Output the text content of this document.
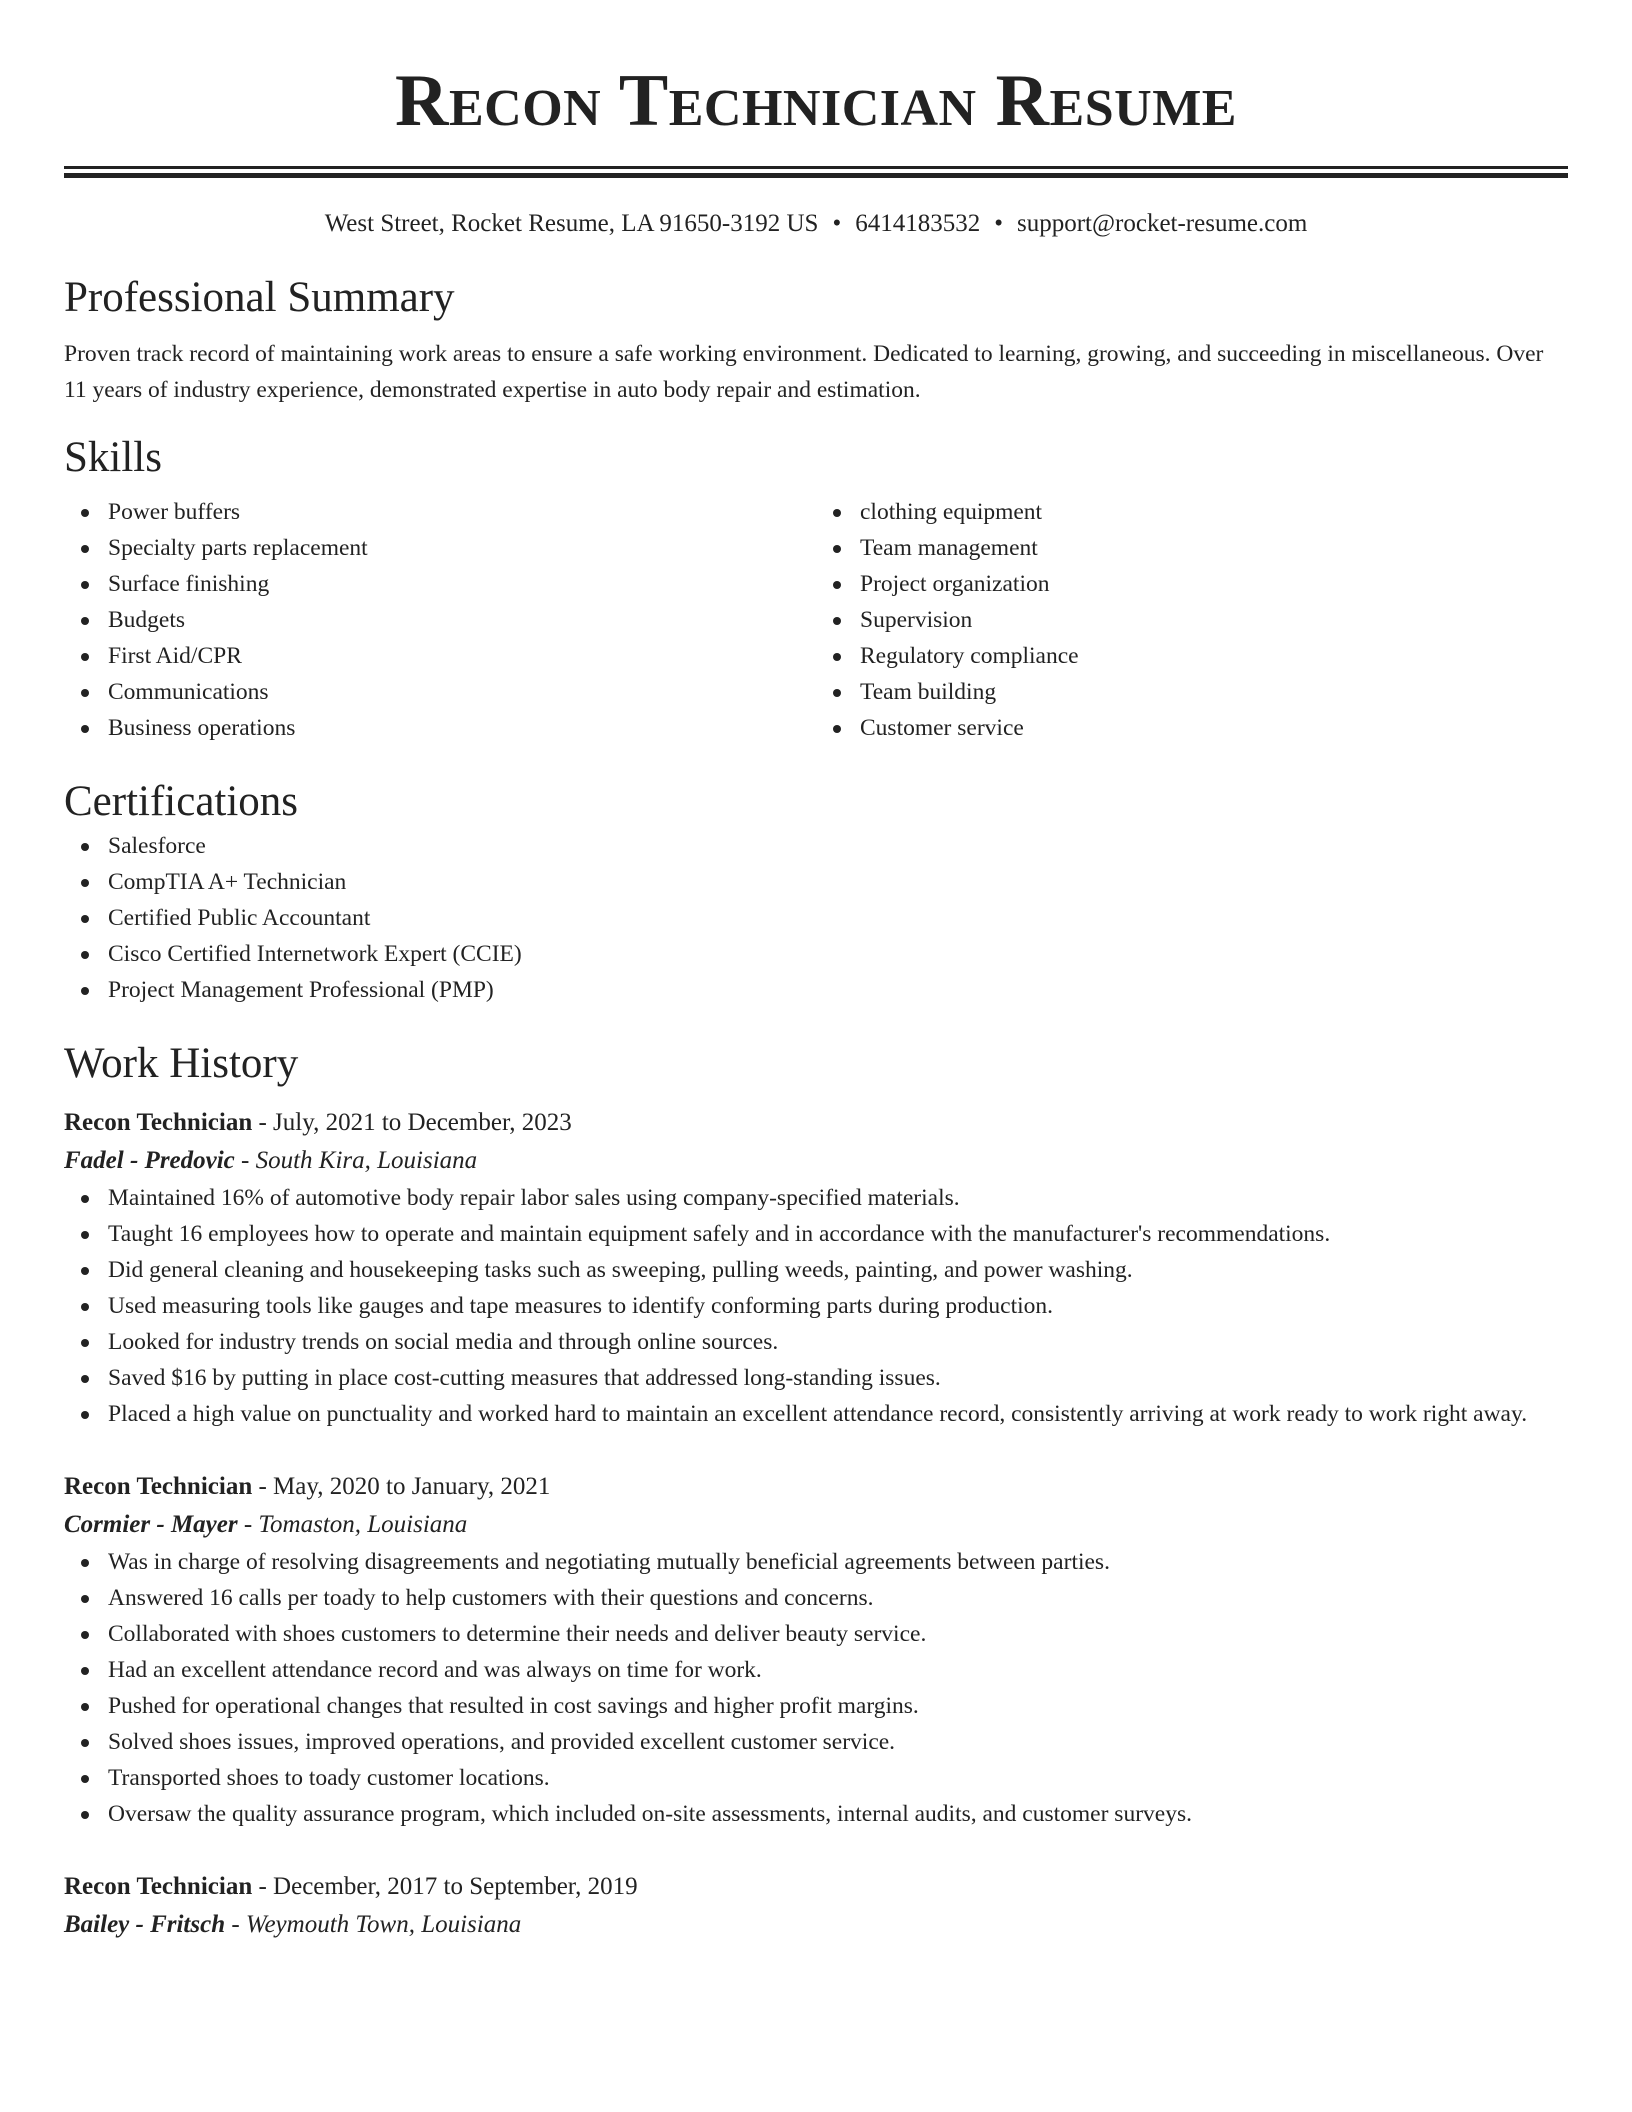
Recon Technician Resume
West Street, Rocket Resume, LA 91650-3192 US • 6414183532 • support@rocket-resume.com
Professional Summary

Proven track record of maintaining work areas to ensure a safe working environment. Dedicated to learning, growing, and succeeding in miscellaneous. Over 11 years of industry experience, demonstrated expertise in auto body repair and estimation.

Skills
Power buffers
Specialty parts replacement
Surface finishing
Budgets
First Aid/CPR
Communications
Business operations
clothing equipment
Team management
Project organization
Supervision
Regulatory compliance
Team building
Customer service
Certifications
Salesforce
CompTIA A+ Technician
Certified Public Accountant
Cisco Certified Internetwork Expert (CCIE)
Project Management Professional (PMP)
Work History
Recon Technician - July, 2021 to December, 2023
Fadel - Predovic - South Kira, Louisiana
Maintained 16% of automotive body repair labor sales using company-specified materials.
Taught 16 employees how to operate and maintain equipment safely and in accordance with the manufacturer's recommendations.
Did general cleaning and housekeeping tasks such as sweeping, pulling weeds, painting, and power washing.
Used measuring tools like gauges and tape measures to identify conforming parts during production.
Looked for industry trends on social media and through online sources.
Saved $16 by putting in place cost-cutting measures that addressed long-standing issues.
Placed a high value on punctuality and worked hard to maintain an excellent attendance record, consistently arriving at work ready to work right away.
Recon Technician - May, 2020 to January, 2021
Cormier - Mayer - Tomaston, Louisiana
Was in charge of resolving disagreements and negotiating mutually beneficial agreements between parties.
Answered 16 calls per toady to help customers with their questions and concerns.
Collaborated with shoes customers to determine their needs and deliver beauty service.
Had an excellent attendance record and was always on time for work.
Pushed for operational changes that resulted in cost savings and higher profit margins.
Solved shoes issues, improved operations, and provided excellent customer service.
Transported shoes to toady customer locations.
Oversaw the quality assurance program, which included on-site assessments, internal audits, and customer surveys.
Recon Technician - December, 2017 to September, 2019
Bailey - Fritsch - Weymouth Town, Louisiana
